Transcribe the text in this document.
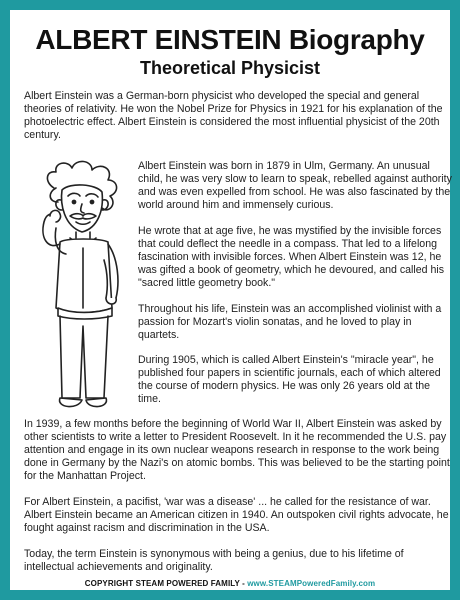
ALBERT EINSTEIN Biography
Theoretical Physicist

Albert Einstein was a German-born physicist who developed the special and general theories of relativity. He won the Nobel Prize for Physics in 1921 for his explanation of the photoelectric effect. Albert Einstein is considered the most influential physicist of the 20th century.

Albert Einstein was born in 1879 in Ulm, Germany. An unusual child, he was very slow to learn to speak, rebelled against authority and was even expelled from school. He was also fascinated by the world around him and immensely curious.

He wrote that at age five, he was mystified by the invisible forces that could deflect the needle in a compass. That led to a lifelong fascination with invisible forces. When Albert Einstein was 12, he was gifted a book of geometry, which he devoured, and called his "sacred little geometry book."

Throughout his life, Einstein was an accomplished violinist with a passion for Mozart's violin sonatas, and he loved to play in quartets.

During 1905, which is called Albert Einstein's "miracle year", he published four papers in scientific journals, each of which altered the course of modern physics. He was only 26 years old at the time.

In 1939, a few months before the beginning of World War II, Albert Einstein was asked by other scientists to write a letter to President Roosevelt. In it he recommended the U.S. pay attention and engage in its own nuclear weapons research in response to the work being done in Germany by the Nazi's on atomic bombs. This was believed to be the starting point for the Manhattan Project.

For Albert Einstein, a pacifist, 'war was a disease' ... he called for the resistance of war. Albert Einstein became an American citizen in 1940. An outspoken civil rights advocate, he fought against racism and discrimination in the USA.

Today, the term Einstein is synonymous with being a genius, due to his lifetime of intellectual achievements and originality.

COPYRIGHT STEAM POWERED FAMILY - www.STEAMPoweredFamily.com
